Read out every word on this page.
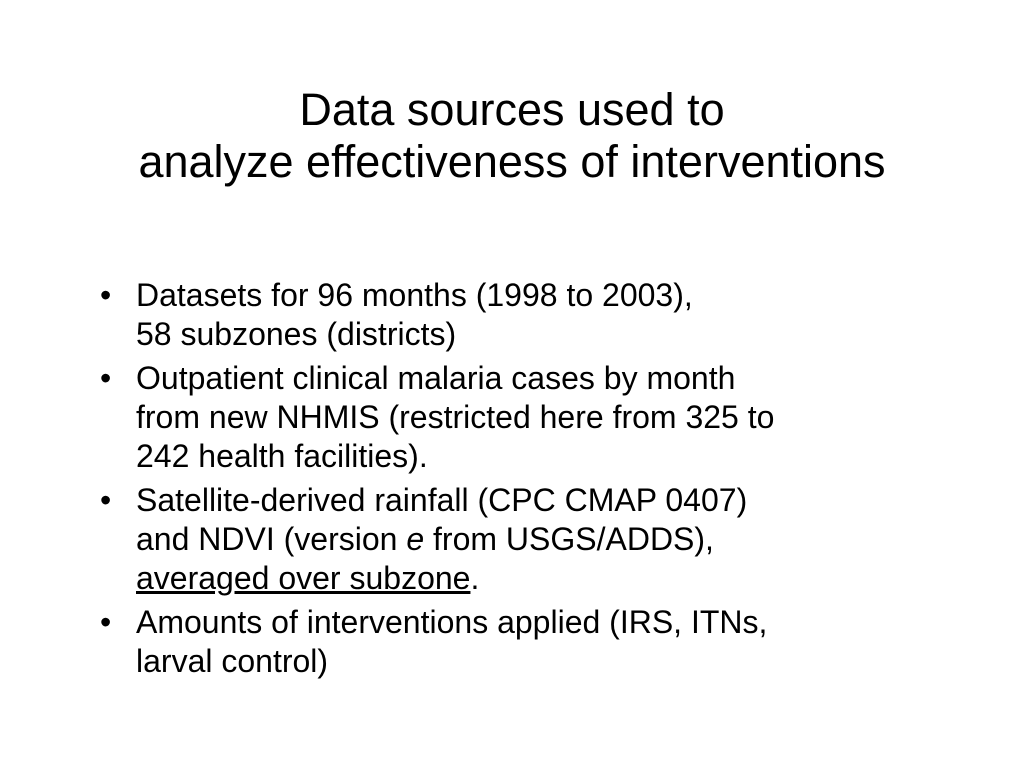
Data sources used to
analyze effectiveness of interventions
• Datasets for 96 months (1998 to 2003),
58 subzones (districts)
• Outpatient clinical malaria cases by month
from new NHMIS (restricted here from 325 to
242 health facilities).
• Satellite-derived rainfall (CPC CMAP 0407)
and NDVI (version e from USGS/ADDS),
averaged over subzone.
• Amounts of interventions applied (IRS, ITNs,
larval control)
